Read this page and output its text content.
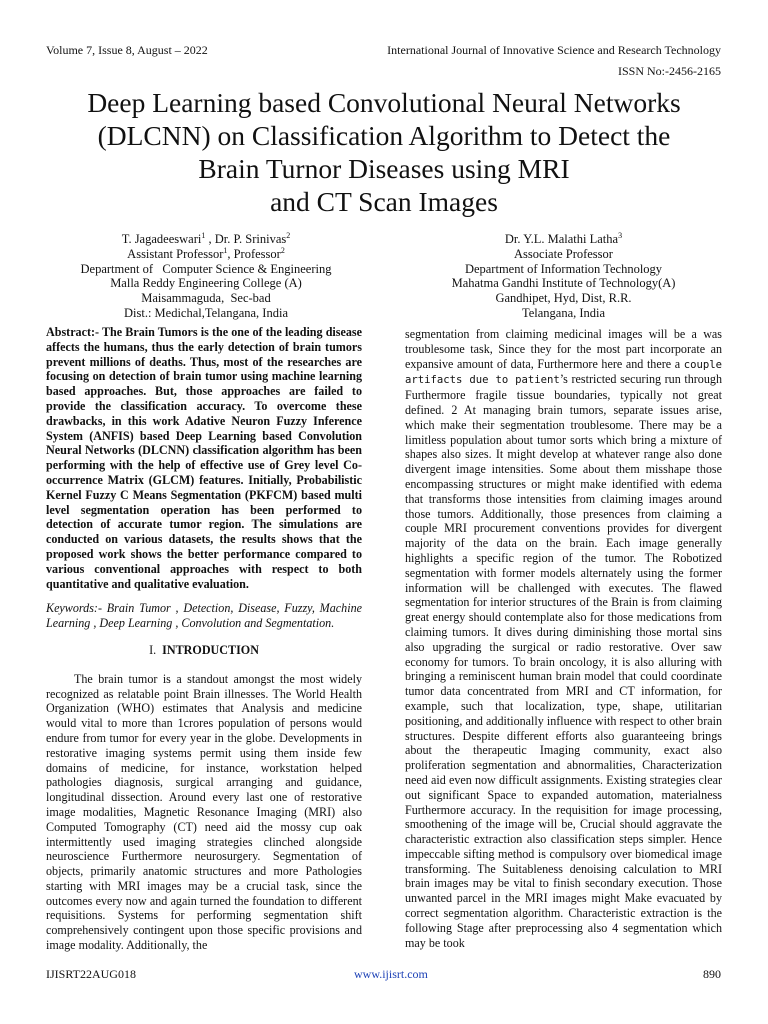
Volume 7, Issue 8, August – 2022	International Journal of Innovative Science and Research Technology
ISSN No:-2456-2165
Deep Learning based Convolutional Neural Networks
(DLCNN) on Classification Algorithm to Detect the
Brain Turnor Diseases using MRI
and CT Scan Images
T. Jagadeeswari$^1$ , Dr. P. Srinivas$^2$
Assistant Professor$^1$, Professor$^2$
Department of   Computer Science & Engineering
Malla Reddy Engineering College (A)
Maisammaguda,  Sec-bad
Dist.: Medichal,Telangana, India
Dr. Y.L. Malathi Latha$^3$
Associate Professor
Department of Information Technology
Mahatma Gandhi Institute of Technology(A)
Gandhipet, Hyd, Dist, R.R.
Telangana, India

Abstract:- The Brain Tumors is the one of the leading disease affects the humans, thus the early detection of brain tumors prevent millions of deaths. Thus, most of the researches are focusing on detection of brain tumor using machine learning based approaches. But, those approaches are failed to provide the classification accuracy. To overcome these drawbacks, in this work Adative Neuron Fuzzy Inference System (ANFIS) based Deep Learning based Convolution Neural Networks (DLCNN) classification algorithm has been performing with the help of effective use of Grey level Co-occurrence Matrix (GLCM) features. Initially, Probabilistic Kernel Fuzzy C Means Segmentation (PKFCM) based multi level segmentation operation has been performed to detection of accurate tumor region. The simulations are conducted on various datasets, the results shows that the proposed work shows the better performance compared to various conventional approaches with respect to both quantitative and qualitative evaluation.

Keywords:- Brain Tumor , Detection, Disease, Fuzzy, Machine Learning , Deep Learning , Convolution and Segmentation.

I. INTRODUCTION

The brain tumor is a standout amongst the most widely recognized as relatable point Brain illnesses. The World Health Organization (WHO) estimates that Analysis and medicine would vital to more than 1crores population of persons would endure from tumor for every year in the globe. Developments in restorative imaging systems permit using them inside few domains of medicine, for instance, workstation helped pathologies diagnosis, surgical arranging and guidance, longitudinal dissection. Around every last one of restorative image modalities, Magnetic Resonance Imaging (MRI) also Computed Tomography (CT) need aid the mossy cup oak intermittently used imaging strategies clinched alongside neuroscience Furthermore neurosurgery. Segmentation of objects, primarily anatomic structures and more Pathologies starting with MRI images may be a crucial task, since the outcomes every now and again turned the foundation to different requisitions. Systems for performing segmentation shift comprehensively contingent upon those specific provisions and image modality. Additionally, the

segmentation from claiming medicinal images will be a was troublesome task, Since they for the most part incorporate an expansive amount of data, Furthermore here and there a couple artifacts due to patient’s restricted securing run through Furthermore fragile tissue boundaries, typically not great defined. 2 At managing brain tumors, separate issues arise, which make their segmentation troublesome. There may be a limitless population about tumor sorts which bring a mixture of shapes also sizes. It might develop at whatever range also done divergent image intensities. Some about them misshape those encompassing structures or might make identified with edema that transforms those intensities from claiming images around those tumors. Additionally, those presences from claiming a couple MRI procurement conventions provides for divergent majority of the data on the brain. Each image generally highlights a specific region of the tumor. The Robotized segmentation with former models alternately using the former information will be challenged with executes. The flawed segmentation for interior structures of the Brain is from claiming great energy should contemplate also for those medications from claiming tumors. It dives during diminishing those mortal sins also upgrading the surgical or radio restorative. Over saw economy for tumors. To brain oncology, it is also alluring with bringing a reminiscent human brain model that could coordinate tumor data concentrated from MRI and CT information, for example, such that localization, type, shape, utilitarian positioning, and additionally influence with respect to other brain structures. Despite different efforts also guaranteeing brings about the therapeutic Imaging community, exact also proliferation segmentation and abnormalities, Characterization need aid even now difficult assignments. Existing strategies clear out significant Space to expanded automation, materialness Furthermore accuracy. In the requisition for image processing, smoothening of the image will be, Crucial should aggravate the characteristic extraction also classification steps simpler. Hence impeccable sifting method is compulsory over biomedical image transforming. The Suitableness denoising calculation to MRI brain images may be vital to finish secondary execution. Those unwanted parcel in the MRI images might Make evacuated by correct segmentation algorithm. Characteristic extraction is the following Stage after preprocessing also 4 segmentation which may be took

IJISRT22AUG018	www.ijisrt.com	890
